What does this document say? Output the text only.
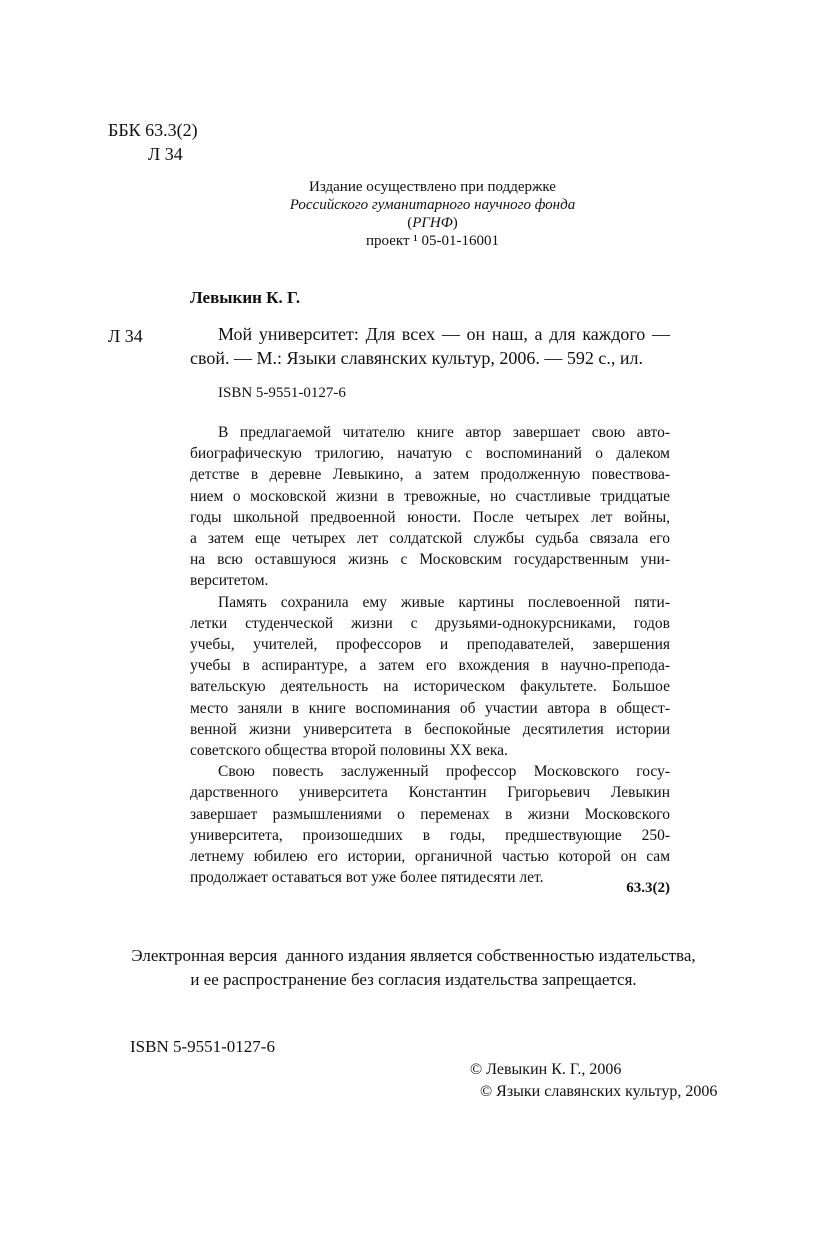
ББК 63.3(2)
Л 34
Издание осуществлено при поддержке
Российского гуманитарного научного фонда
(РГНФ)
проект ¹ 05-01-16001
Левыкин К. Г.
Л 34	Мой университет: Для всех — он наш, а для каждого —
свой. — М.: Языки славянских культур, 2006. — 592 с., ил.
ISBN 5-9551-0127-6
В предлагаемой читателю книге автор завершает свою авто-
биографическую трилогию, начатую с воспоминаний о далеком
детстве в деревне Левыкино, а затем продолженную повествова-
нием о московской жизни в тревожные, но счастливые тридцатые
годы школьной предвоенной юности. После четырех лет войны,
а затем еще четырех лет солдатской службы судьба связала его
на всю оставшуюся жизнь с Московским государственным уни-
верситетом.
Память сохранила ему живые картины послевоенной пяти-
летки студенческой жизни с друзьями-однокурсниками, годов
учебы, учителей, профессоров и преподавателей, завершения
учебы в аспирантуре, а затем его вхождения в научно-препода-
вательскую деятельность на историческом факультете. Большое
место заняли в книге воспоминания об участии автора в общест-
венной жизни университета в беспокойные десятилетия истории
советского общества второй половины XX века.
Свою повесть заслуженный профессор Московского госу-
дарственного университета Константин Григорьевич Левыкин
завершает размышлениями о переменах в жизни Московского
университета, произошедших в годы, предшествующие 250-
летнему юбилею его истории, органичной частью которой он сам
продолжает оставаться вот уже более пятидесяти лет.
63.3(2)
Электронная версия  данного издания является собственностью издательства,
и ее распространение без согласия издательства запрещается.
ISBN 5-9551-0127-6
© Левыкин К. Г., 2006
© Языки славянских культур, 2006
